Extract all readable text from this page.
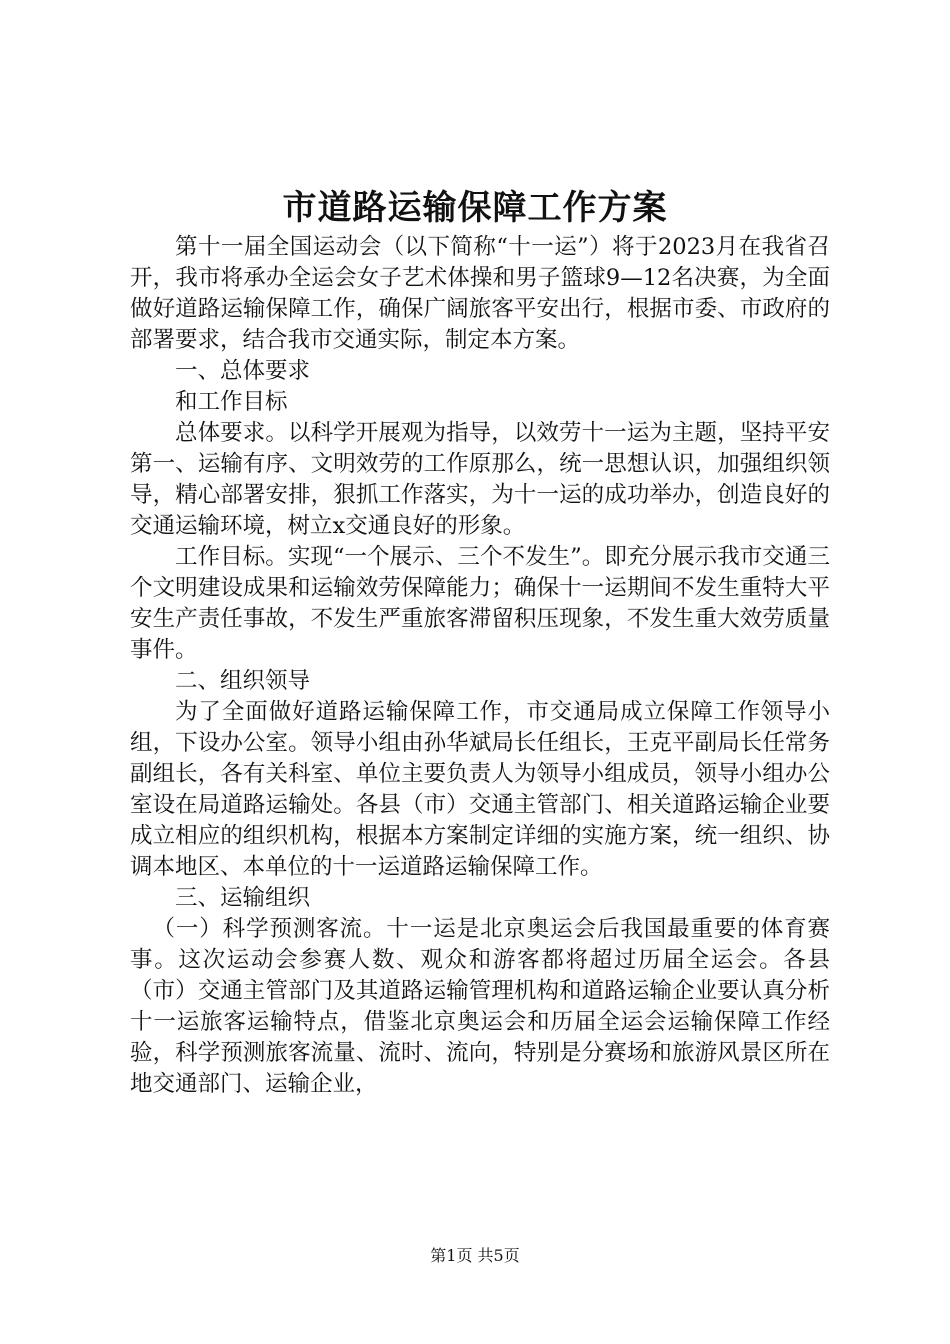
市道路运输保障工作方案

第十一届全国运动会（以下简称“十一运”）将于2023月在我省召开，我市将承办全运会女子艺术体操和男子篮球9—12名决赛，为全面做好道路运输保障工作，确保广阔旅客平安出行，根据市委、市政府的部署要求，结合我市交通实际，制定本方案。

一、总体要求

和工作目标

总体要求。以科学开展观为指导，以效劳十一运为主题，坚持平安第一、运输有序、文明效劳的工作原那么，统一思想认识，加强组织领导，精心部署安排，狠抓工作落实，为十一运的成功举办，创造良好的交通运输环境，树立x交通良好的形象。

工作目标。实现“一个展示、三个不发生”。即充分展示我市交通三个文明建设成果和运输效劳保障能力；确保十一运期间不发生重特大平安生产责任事故，不发生严重旅客滞留积压现象，不发生重大效劳质量事件。

二、组织领导

为了全面做好道路运输保障工作，市交通局成立保障工作领导小组，下设办公室。领导小组由孙华斌局长任组长，王克平副局长任常务副组长，各有关科室、单位主要负责人为领导小组成员，领导小组办公室设在局道路运输处。各县（市）交通主管部门、相关道路运输企业要成立相应的组织机构，根据本方案制定详细的实施方案，统一组织、协调本地区、本单位的十一运道路运输保障工作。

三、运输组织

（一）科学预测客流。十一运是北京奥运会后我国最重要的体育赛事。这次运动会参赛人数、观众和游客都将超过历届全运会。各县（市）交通主管部门及其道路运输管理机构和道路运输企业要认真分析十一运旅客运输特点，借鉴北京奥运会和历届全运会运输保障工作经验，科学预测旅客流量、流时、流向，特别是分赛场和旅游风景区所在地交通部门、运输企业，

第1页 共5页
